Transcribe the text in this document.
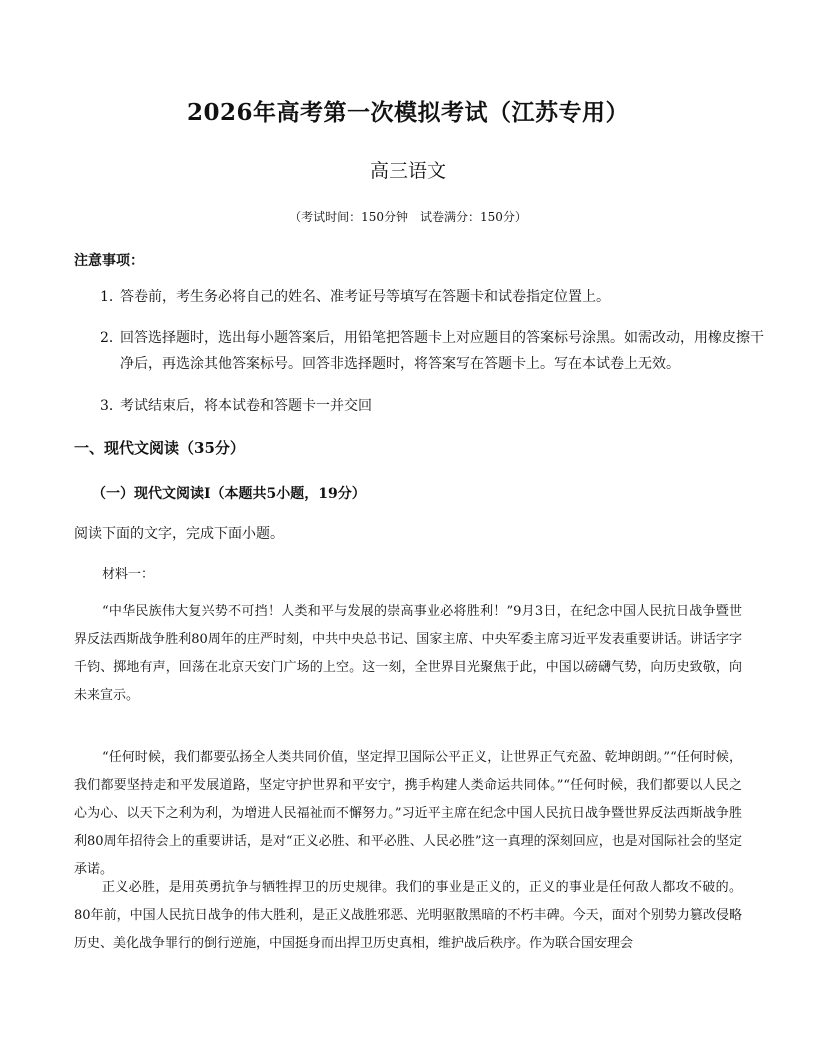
2026年高考第一次模拟考试（江苏专用）
高三语文
（考试时间：150分钟　试卷满分：150分）
注意事项：
1．答卷前，考生务必将自己的姓名、准考证号等填写在答题卡和试卷指定位置上。
2．回答选择题时，选出每小题答案后，用铅笔把答题卡上对应题目的答案标号涂黑。如需改动，用橡皮擦干净后，再选涂其他答案标号。回答非选择题时，将答案写在答题卡上。写在本试卷上无效。
3．考试结束后，将本试卷和答题卡一并交回
一、现代文阅读（35分）
（一）现代文阅读Ⅰ（本题共5小题，19分）
阅读下面的文字，完成下面小题。
材料一：

“中华民族伟大复兴势不可挡！人类和平与发展的崇高事业必将胜利！”9月3日，在纪念中国人民抗日战争暨世界反法西斯战争胜利80周年的庄严时刻，中共中央总书记、国家主席、中央军委主席习近平发表重要讲话。讲话字字千钧、掷地有声，回荡在北京天安门广场的上空。这一刻，全世界目光聚焦于此，中国以磅礴气势，向历史致敬，向未来宣示。

“任何时候，我们都要弘扬全人类共同价值，坚定捍卫国际公平正义，让世界正气充盈、乾坤朗朗。”“任何时候，我们都要坚持走和平发展道路，坚定守护世界和平安宁，携手构建人类命运共同体。”“任何时候，我们都要以人民之心为心、以天下之利为利，为增进人民福祉而不懈努力。”习近平主席在纪念中国人民抗日战争暨世界反法西斯战争胜利80周年招待会上的重要讲话，是对“正义必胜、和平必胜、人民必胜”这一真理的深刻回应，也是对国际社会的坚定承诺。

正义必胜，是用英勇抗争与牺牲捍卫的历史规律。我们的事业是正义的，正义的事业是任何敌人都攻不破的。80年前，中国人民抗日战争的伟大胜利，是正义战胜邪恶、光明驱散黑暗的不朽丰碑。今天，面对个别势力篡改侵略历史、美化战争罪行的倒行逆施，中国挺身而出捍卫历史真相，维护战后秩序。作为联合国安理会
